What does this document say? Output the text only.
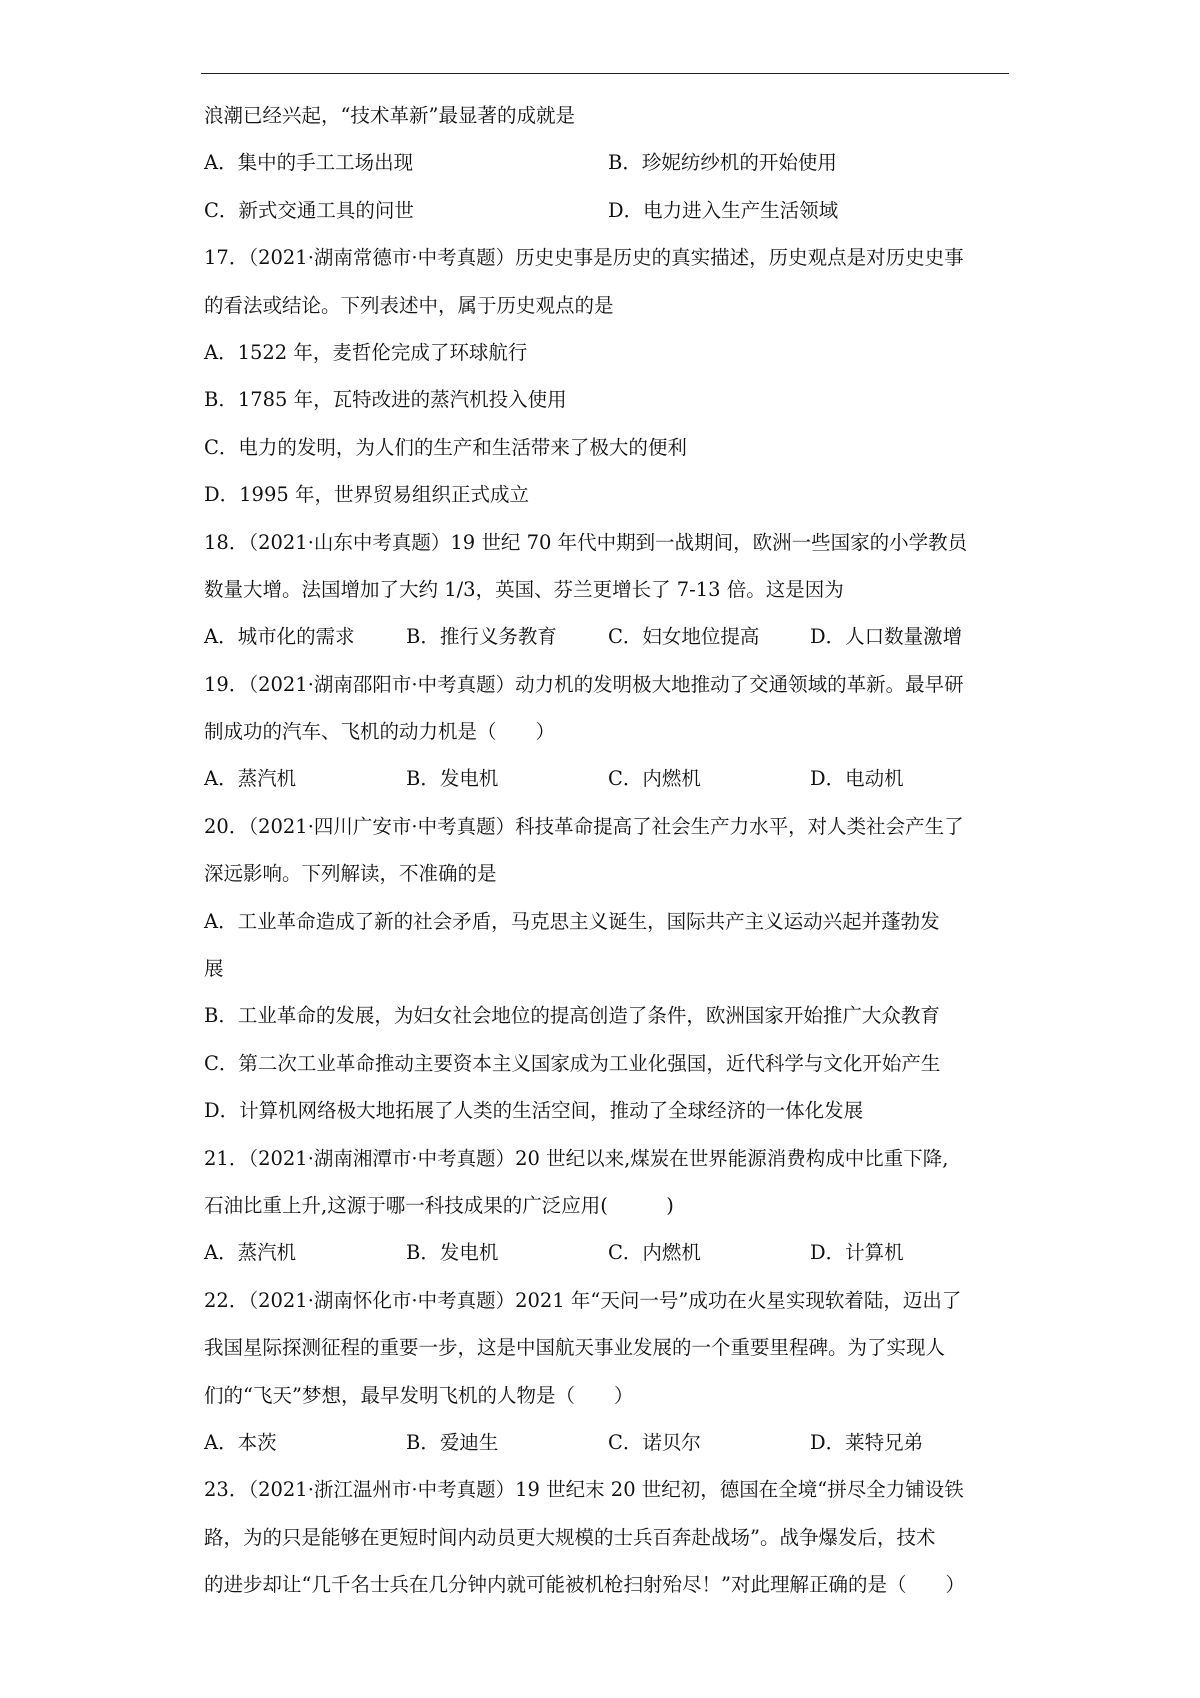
浪潮已经兴起，“技术革新”最显著的成就是
A．集中的手工工场出现	B．珍妮纺纱机的开始使用
C．新式交通工具的问世	D．电力进入生产生活领域
17．（2021·湖南常德市·中考真题）历史史事是历史的真实描述，历史观点是对历史史事
的看法或结论。下列表述中，属于历史观点的是
A．1522 年，麦哲伦完成了环球航行
B．1785 年，瓦特改进的蒸汽机投入使用
C．电力的发明，为人们的生产和生活带来了极大的便利
D．1995 年，世界贸易组织正式成立
18．（2021·山东中考真题）19 世纪 70 年代中期到一战期间，欧洲一些国家的小学教员
数量大增。法国增加了大约 1/3，英国、芬兰更增长了 7-13 倍。这是因为
A．城市化的需求	B．推行义务教育	C．妇女地位提高	D．人口数量激增
19．（2021·湖南邵阳市·中考真题）动力机的发明极大地推动了交通领域的革新。最早研
制成功的汽车、飞机的动力机是（　　）
A．蒸汽机	B．发电机	C．内燃机	D．电动机
20．（2021·四川广安市·中考真题）科技革命提高了社会生产力水平，对人类社会产生了
深远影响。下列解读，不准确的是
A．工业革命造成了新的社会矛盾，马克思主义诞生，国际共产主义运动兴起并蓬勃发
展
B．工业革命的发展，为妇女社会地位的提高创造了条件，欧洲国家开始推广大众教育
C．第二次工业革命推动主要资本主义国家成为工业化强国，近代科学与文化开始产生
D．计算机网络极大地拓展了人类的生活空间，推动了全球经济的一体化发展
21．（2021·湖南湘潭市·中考真题）20 世纪以来,煤炭在世界能源消费构成中比重下降,
石油比重上升,这源于哪一科技成果的广泛应用(　　　)
A．蒸汽机	B．发电机	C．内燃机	D．计算机
22．（2021·湖南怀化市·中考真题）2021 年“天问一号”成功在火星实现软着陆，迈出了
我国星际探测征程的重要一步，这是中国航天事业发展的一个重要里程碑。为了实现人
们的“飞天”梦想，最早发明飞机的人物是（　　）
A．本茨	B．爱迪生	C．诺贝尔	D．莱特兄弟
23．（2021·浙江温州市·中考真题）19 世纪末 20 世纪初，德国在全境“拼尽全力铺设铁
路，为的只是能够在更短时间内动员更大规模的士兵百奔赴战场”。战争爆发后，技术
的进步却让“几千名士兵在几分钟内就可能被机枪扫射殆尽！”对此理解正确的是（　　）
